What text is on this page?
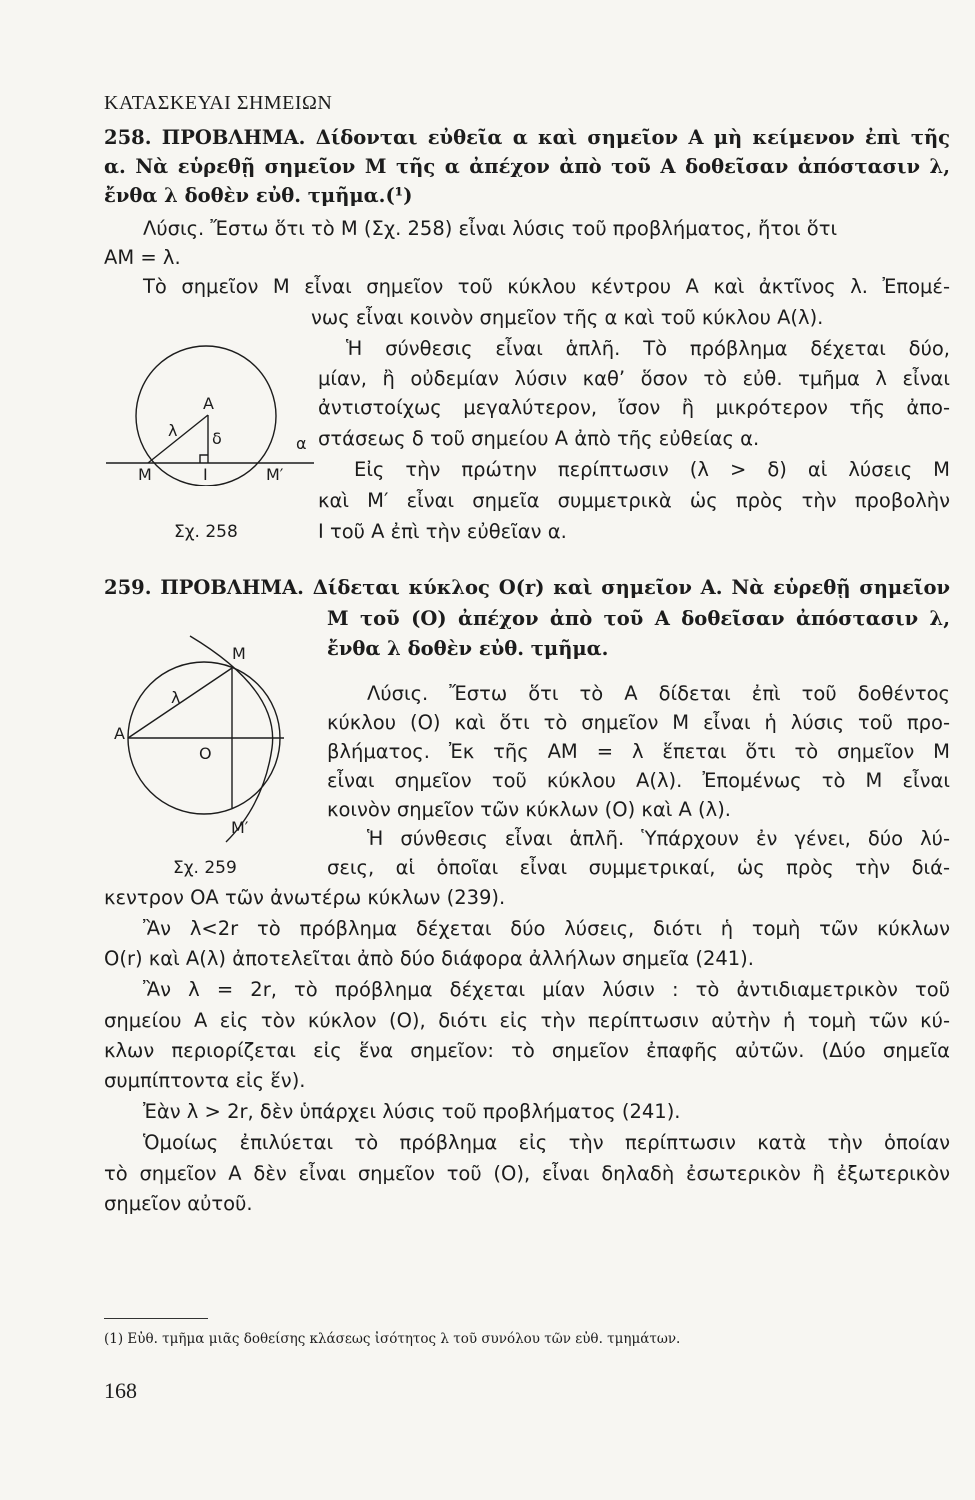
ΚΑΤΑΣΚΕΥΑΙ ΣΗΜΕΙΩΝ
258. ΠΡΟΒΛΗΜΑ. Δίδονται εὐθεῖα α καὶ σημεῖον Α μὴ κείμενον ἐπὶ τῆς
α. Νὰ εὑρεθῇ σημεῖον Μ τῆς α ἀπέχον ἀπὸ τοῦ Α δοθεῖσαν ἀπόστασιν λ,
ἔνθα λ δοθὲν εὐθ. τμῆμα.(¹)
Λύσις. Ἔστω ὅτι τὸ Μ (Σχ. 258) εἶναι λύσις τοῦ προβλήματος, ἤτοι ὅτι
ΑΜ = λ.
Τὸ σημεῖον Μ εἶναι σημεῖον τοῦ κύκλου κέντρου Α καὶ ἀκτῖνος λ. Ἐπομέ-
νως εἶναι κοινὸν σημεῖον τῆς α καὶ τοῦ κύκλου Α(λ).
Ἡ σύνθεσις εἶναι ἁπλῆ. Τὸ πρόβλημα δέχεται δύο,
μίαν, ἢ οὐδεμίαν λύσιν καθ’ ὅσον τὸ εὐθ. τμῆμα λ εἶναι
ἀντιστοίχως μεγαλύτερον, ἴσον ἢ μικρότερον τῆς ἀπο-
στάσεως δ τοῦ σημείου Α ἀπὸ τῆς εὐθείας α.
Εἰς τὴν πρώτην περίπτωσιν (λ > δ) αἱ λύσεις Μ
καὶ Μ′ εἶναι σημεῖα συμμετρικὰ ὡς πρὸς τὴν προβολὴν
Ι τοῦ Α ἐπὶ τὴν εὐθεῖαν α.
Α
λ δ	α
Μ	Ι	Μ′
Σχ. 258
259. ΠΡΟΒΛΗΜΑ. Δίδεται κύκλος Ο(r) καὶ σημεῖον Α. Νὰ εὑρεθῇ σημεῖον
Μ τοῦ (Ο) ἀπέχον ἀπὸ τοῦ Α δοθεῖσαν ἀπόστασιν λ,
ἔνθα λ δοθὲν εὐθ. τμῆμα.
Λύσις. Ἔστω ὅτι τὸ Α δίδεται ἐπὶ τοῦ δοθέντος
κύκλου (Ο) καὶ ὅτι τὸ σημεῖον Μ εἶναι ἡ λύσις τοῦ προ-
βλήματος. Ἐκ τῆς ΑΜ = λ ἕπεται ὅτι τὸ σημεῖον Μ
εἶναι σημεῖον τοῦ κύκλου Α(λ). Ἐπομένως τὸ Μ εἶναι
κοινὸν σημεῖον τῶν κύκλων (Ο) καὶ Α (λ).
Ἡ σύνθεσις εἶναι ἁπλῆ. Ὑπάρχουν ἐν γένει, δύο λύ-
σεις, αἱ ὁποῖαι εἶναι συμμετρικαί, ὡς πρὸς τὴν διά-
κεντρον ΟΑ τῶν ἀνωτέρω κύκλων (239).
Ἂν λ<2r τὸ πρόβλημα δέχεται δύο λύσεις, διότι ἡ τομὴ τῶν κύκλων
Ο(r) καὶ Α(λ) ἀποτελεῖται ἀπὸ δύο διάφορα ἀλλήλων σημεῖα (241).
Ἂν λ = 2r, τὸ πρόβλημα δέχεται μίαν λύσιν : τὸ ἀντιδιαμετρικὸν τοῦ
σημείου Α εἰς τὸν κύκλον (Ο), διότι εἰς τὴν περίπτωσιν αὐτὴν ἡ τομὴ τῶν κύ-
κλων περιορίζεται εἰς ἕνα σημεῖον: τὸ σημεῖον ἐπαφῆς αὐτῶν. (Δύο σημεῖα
συμπίπτοντα εἰς ἕν).
Ἐὰν λ > 2r, δὲν ὑπάρχει λύσις τοῦ προβλήματος (241).
Ὁμοίως ἐπιλύεται τὸ πρόβλημα εἰς τὴν περίπτωσιν κατὰ τὴν ὁποίαν
τὸ σημεῖον Α δὲν εἶναι σημεῖον τοῦ (Ο), εἶναι δηλαδὴ ἐσωτερικὸν ἢ ἐξωτερικὸν
σημεῖον αὐτοῦ.
Μ
λ
Α
Ο
Μ′
Σχ. 259
(1) Εὐθ. τμῆμα μιᾶς δοθείσης κλάσεως ἰσότητος λ τοῦ συνόλου τῶν εὐθ. τμημάτων.
168
